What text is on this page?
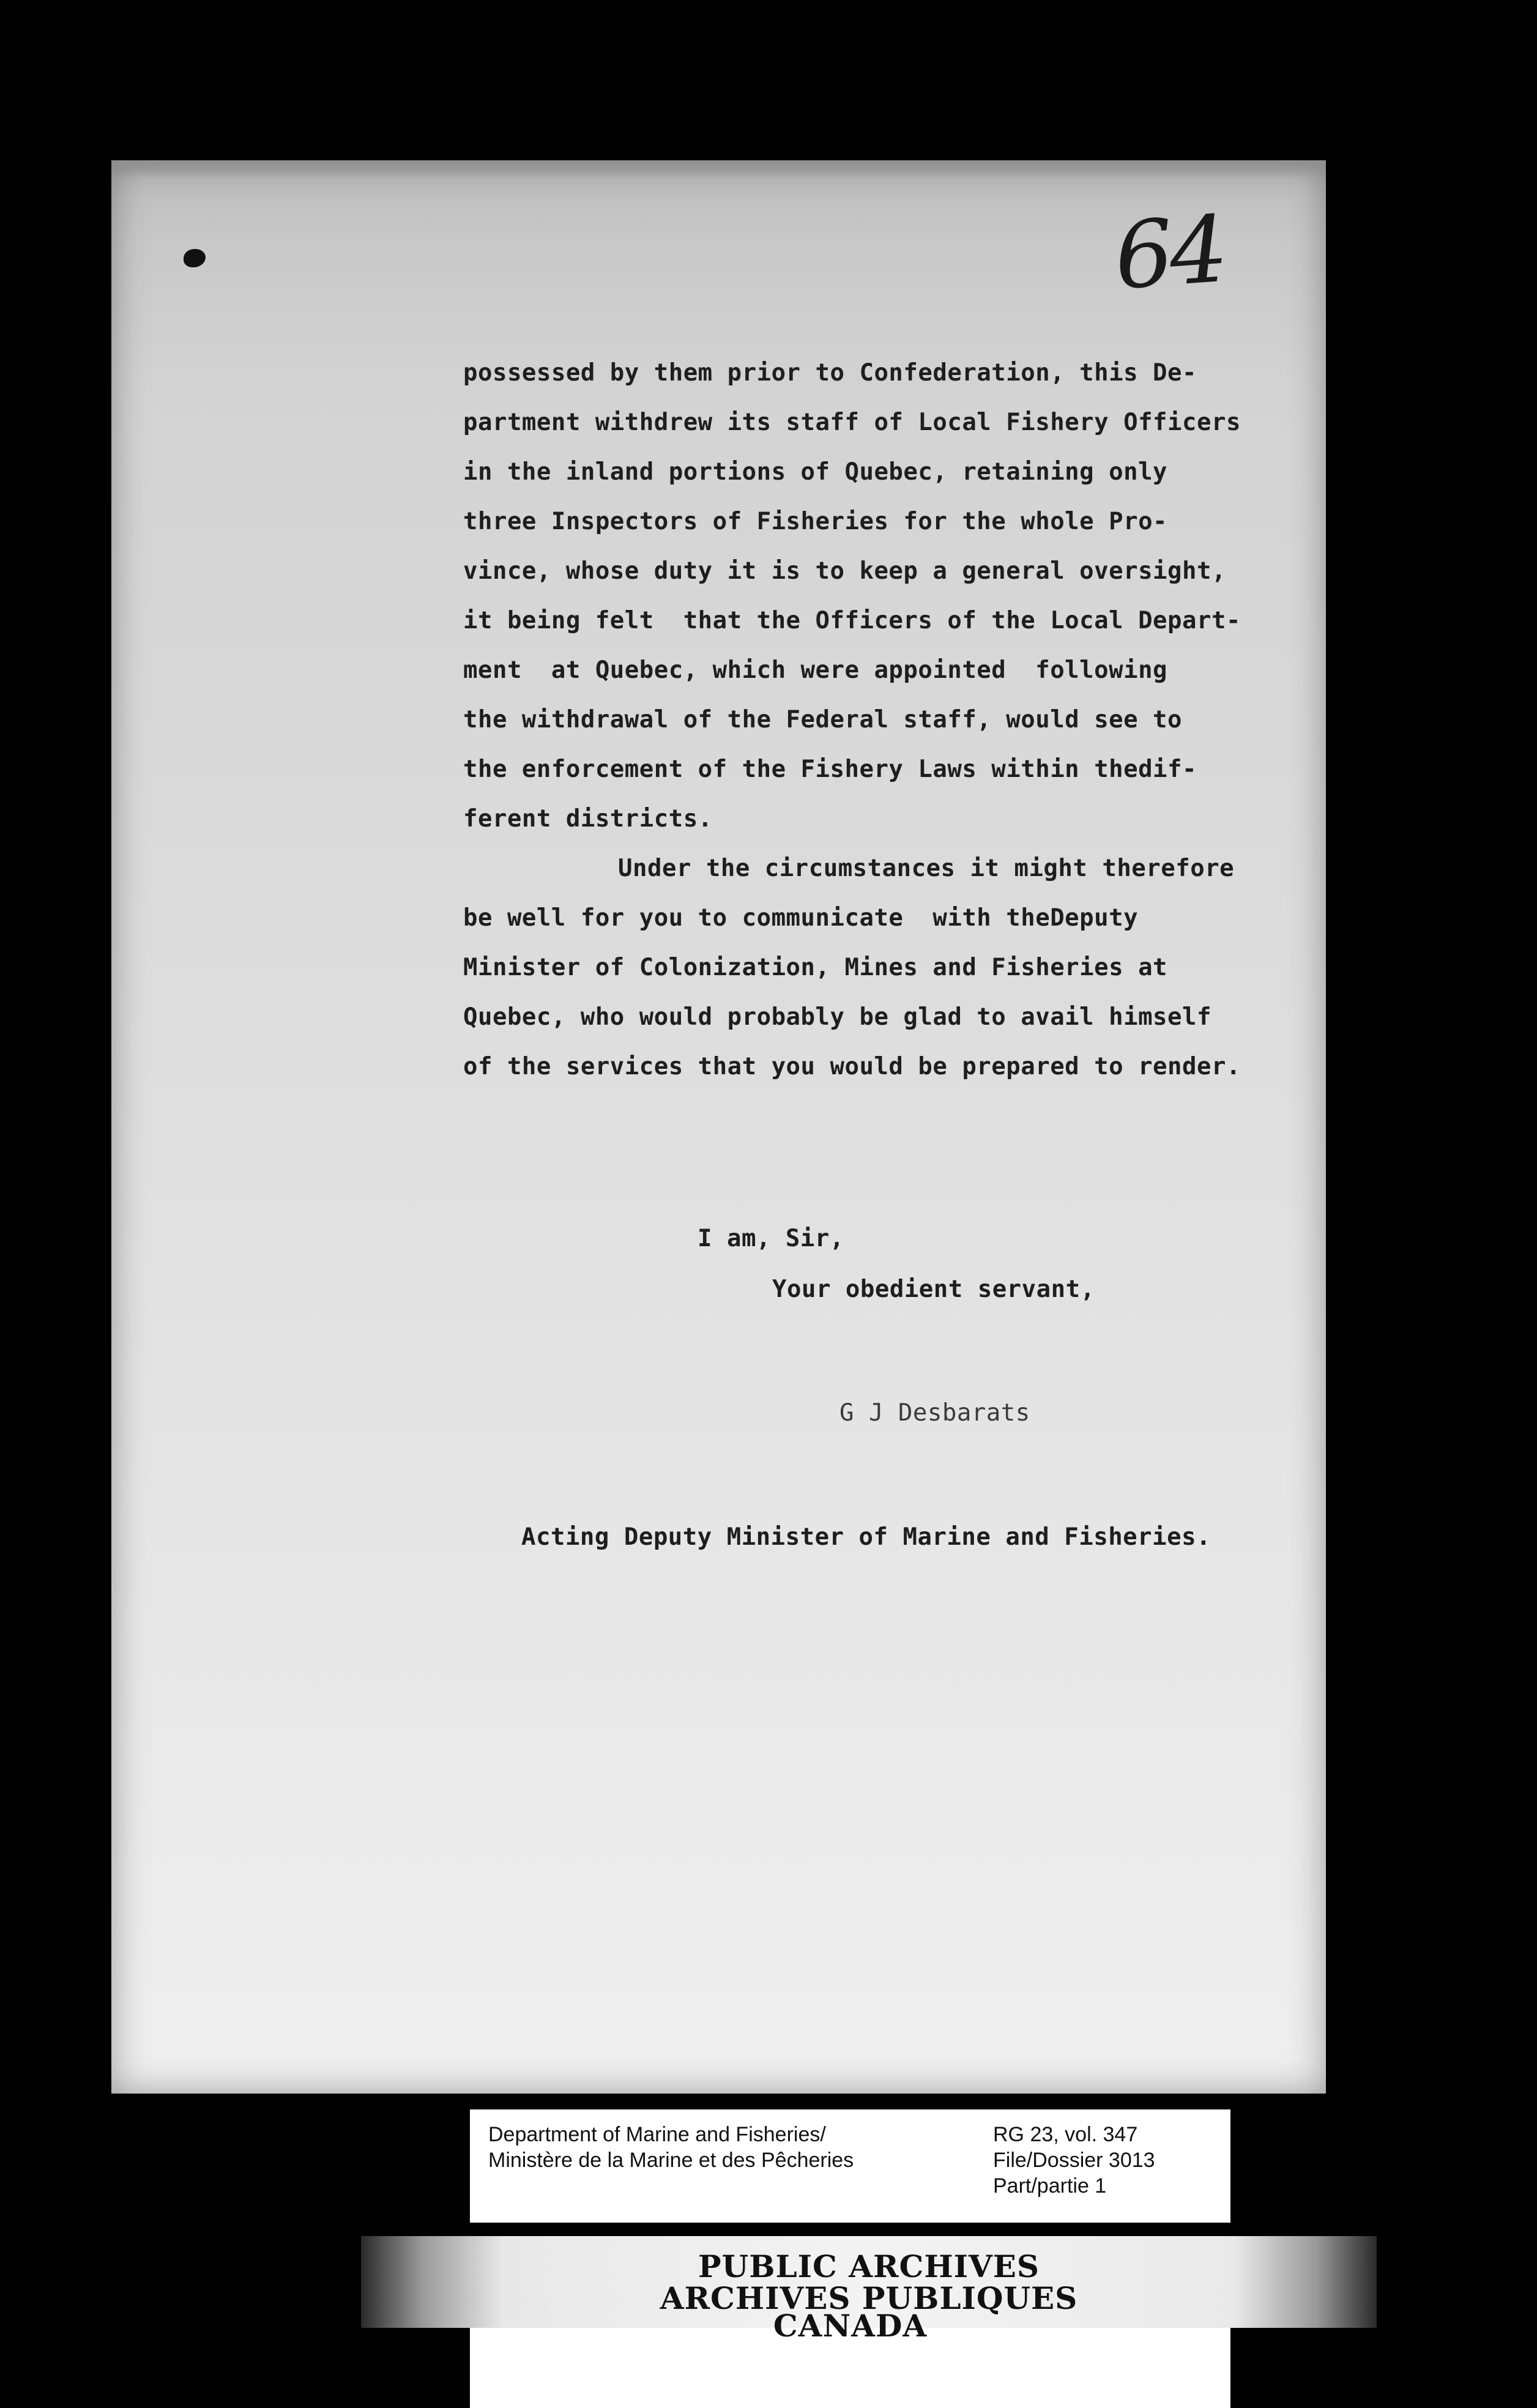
64
possessed by them prior to Confederation, this De-
partment withdrew its staff of Local Fishery Officers
in the inland portions of Quebec, retaining only
three Inspectors of Fisheries for the whole Pro-
vince, whose duty it is to keep a general oversight,
it being felt  that the Officers of the Local Depart-
ment  at Quebec, which were appointed  following
the withdrawal of the Federal staff, would see to
the enforcement of the Fishery Laws within thedif-
ferent districts.
Under the circumstances it might therefore
be well for you to communicate  with theDeputy
Minister of Colonization, Mines and Fisheries at
Quebec, who would probably be glad to avail himself
of the services that you would be prepared to render.
I am, Sir,
Your obedient servant,
G J Desbarats
Acting Deputy Minister of Marine and Fisheries.
Department of Marine and Fisheries/
Ministère de la Marine et des Pêcheries
RG 23, vol. 347
File/Dossier 3013
Part/partie 1
PUBLIC ARCHIVES
ARCHIVES PUBLIQUES
CANADA
